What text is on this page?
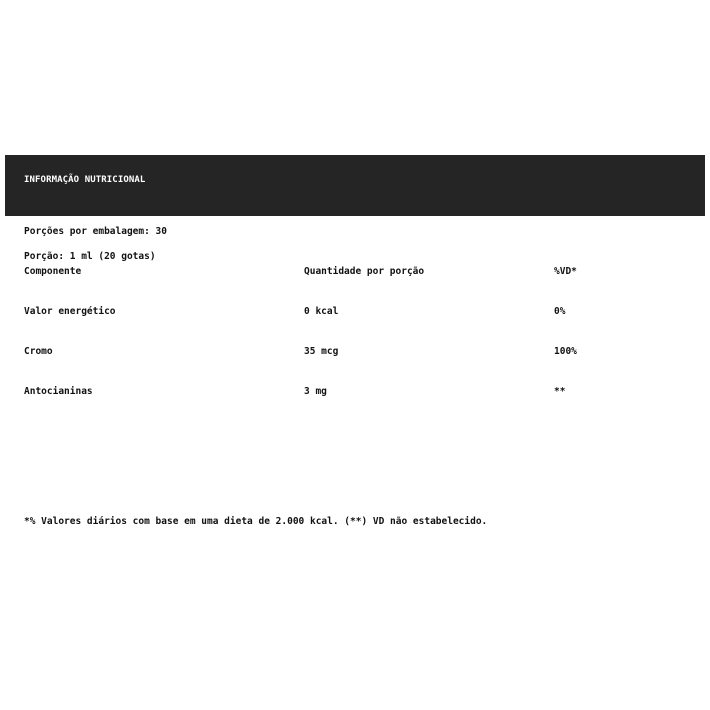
INFORMAÇÃO NUTRICIONAL
Porções por embalagem: 30
Porção: 1 ml (20 gotas)
Componente	Quantidade por porção	%VD*
Valor energético	0 kcal	0%
Cromo	35 mcg	100%
Antocianinas	3 mg	**
*% Valores diários com base em uma dieta de 2.000 kcal. (**) VD não estabelecido.
